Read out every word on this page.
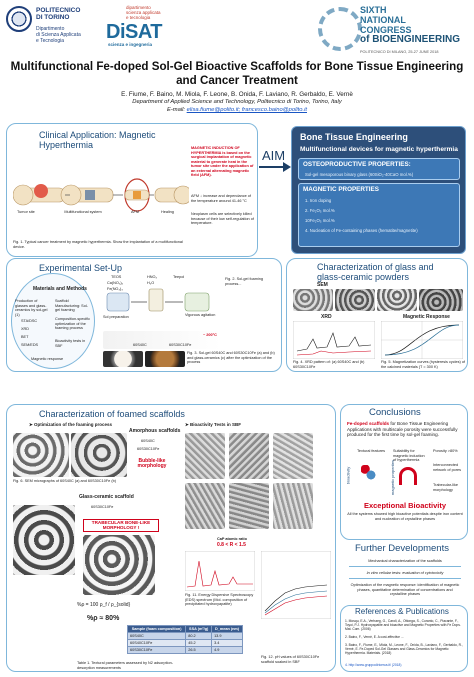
POLITECNICO
DI TORINO
Dipartimento
di Scienza Applicata
e Tecnologia
dipartimento
scienza applicata
e tecnologia
DiSAT
scienza e ingegneria
SIXTH
NATIONAL
CONGRESS
of BIOENGINEERING
POLITECNICO DI MILANO, 25-27 JUNE 2018
Multifunctional Fe-doped Sol-Gel Bioactive Scaffolds for Bone Tissue Engineering
and Cancer Treatment
E. Fiume, F. Baino, M. Miola, F. Leone, B. Onida, F. Laviano, R. Gerbaldo, E. Vernè
Department of Applied Science and Technology, Politecnico di Torino, Torino, Italy
E-mail: elisa.fiume@polito.it; francesco.baino@polito.it
Clinical Application: Magnetic
Hyperthermia
Tumor site	Multifunctional system	AFM	Healing
MAGNETIC INDUCTION OF HYPERTHERMIA is based on the surgical implantation of magnetic material to generate heat in the tumor site under the application of an external alternating magnetic field (AFM).
AFM ↓ increase and dependance of the temperature around 41-46 °C
Neoplasm cells are selectively killed because of their low self-regulation of temperature.
Fig. 1. Typical cancer treatment by magnetic hyperthermia. Show the implantation of a multifunctional device.
AIM
Bone Tissue Engineering
Multifunctional devices for magnetic hyperthermia
OSTEOPRODUCTIVE PROPERTIES:
Sol-gel mesoporous binary glass (60SiO₂-40CaO mol.%)
MAGNETIC PROPERTIES
1. Iron doping
2. Fe₂O₃ mol.%
10Fe₂O₃ mol.%
4. Nucleation of Fe-containing phases (hematite/magnetite)
Experimental Set-Up
Materials and Methods
Production of glasses and glass-ceramics by sol-gel (1)
Scaffold Manufacturing: Sol-gel foaming
STA/DSC
XRD
BET
SEM/EDS
Composition-specific optimization of the foaming process
Bioactivity tests in SBF
Magnetic response
TEOS
Ca(NO₃)₂
Fe(NO₃)₃
HNO₃
H₂O
Teepol
Vigorous agitation
Sol preparation
60S40C	60S30C10Fe
~ 200°C
Fig. 3. Sol-gel 60S40C and 60S30C10Fe (a) and (b) and glass-ceramics (c) after the optimization of the process
Fig. 2. Sol-gel foaming process...
Characterization of glass and
glass-ceramic powders
SEM
XRD	Magnetic Response
Fig. 4. XRD pattern of: (a) 60S40C and (b) 60S30C10Fe
Fig. 5. Magnetization curves (hysteresis cycles) of the calcined materials (T = 300 K)
Characterization of foamed scaffolds
➤ Optimization of the foaming process
Amorphous scaffolds
60S40C
60S30C10Fe
Bubble-like morphology
Fig. 6. SEM micrographs of 60S40C (a) and 60S30C10Fe (b)
Glass-ceramic scaffold
60S30C10Fe
TRABECULAR BONE-LIKE MORPHOLOGY !
%ρ = 100 ρ_f / ρ_{solid}
%ρ ≈ 80%
Table 1. Textural parameters assessed by N2 adsorption-desorption measurements
➤ Bioactivity Tests in SBF
CaP atomic ratio
0.8 < R < 1.5
Fig. 11. Energy Dispersive Spectroscopy (EDS) spectrum (Mol. composition of precipitated hydroxyapatite)
Fig. 12. pH values of 60S30C10Fe scaffold soaked in SBF
Sample (foam composition)	SSA (m²/g)	D_mean (nm)
60S40C	80.2	13.9
60S40C10Fe	45.2	3.4
60S30C10Fe	26.5	4.9
Conclusions
Fe-doped scaffolds for Bone Tissue Engineering Applications with multiscale porosity were successfully produced for the first time by sol-gel foaming.
Textural features	Suitability for magnetic induction of hyperthermia
Porosity >80%
Interconnected network of pores
Trabecular-like morphology
bioactivity	magnetic properties
Exceptional Bioactivity
All the systems showed high bioactive potentials despite iron content and nucleation of crystalline phases
Further Developments
Mechanical characterization of the scaffolds
In vitro cellular tests: evaluation of cytotoxicity
Optimization of the magnetic response: identification of magnetic phases, quantitative determination of concentrations and crystalline phases
References & Publications
1. Mosqu, E.A., Verhaeg, G., Caroli, A., Ottonga, S., Curanto, C., Piacante, F., Toyoi, P.J. Hydroxyapatite and bioactive and Magnetic Properties with Fe Dops. Mat. Com. (2006)
2. Baino, F., Vernè, E. A cost-effective ...
3. Baino, F., Fiume, E., Miola, M., Leone, F., Onida, B., Laviano, F., Gerbaldo, R., Vernè, E. Fe-Doped Sol-Gel Glasses and Glass-Ceramics for Magnetic Hyperthermia. Materials. (2018)
4. http://www.gruppodiricerca.it/ (2018)
